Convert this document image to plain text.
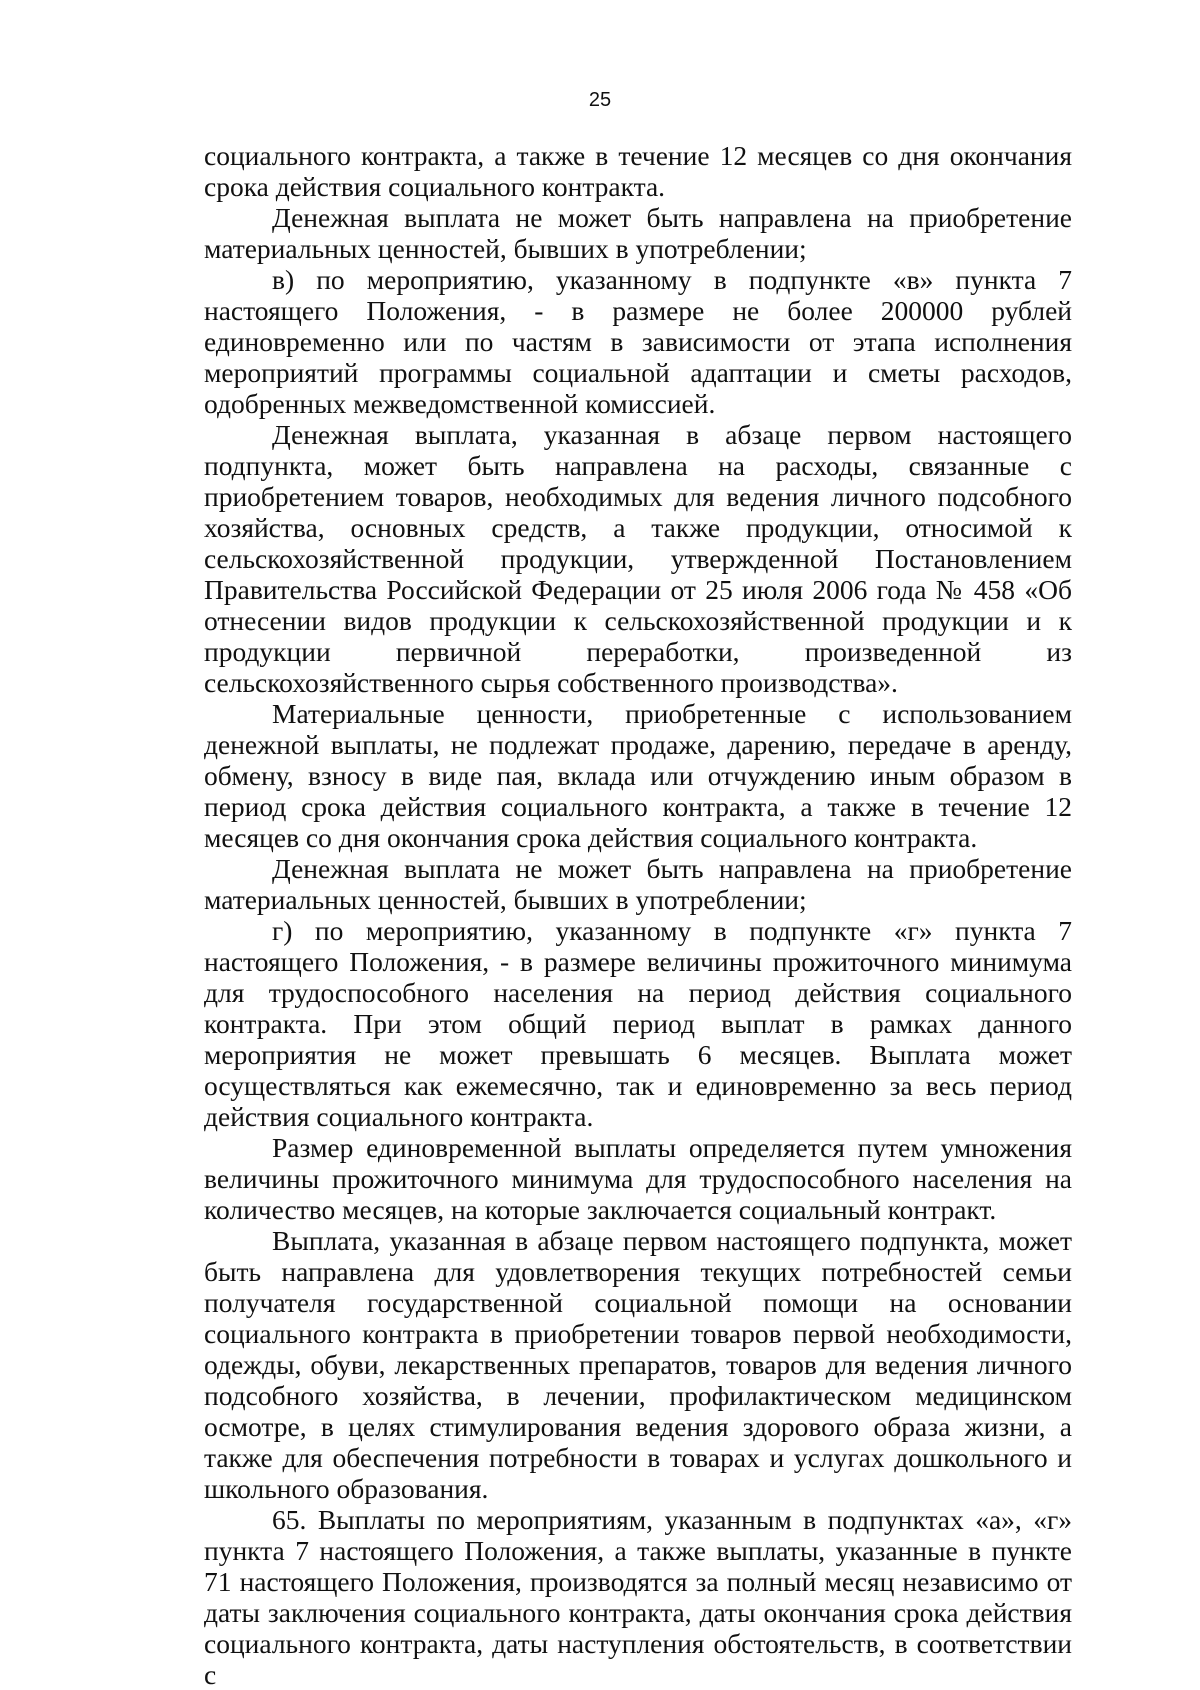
25

социального контракта, а также в течение 12 месяцев со дня окончания срока действия социального контракта.

Денежная выплата не может быть направлена на приобретение материальных ценностей, бывших в употреблении;

в) по мероприятию, указанному в подпункте «в» пункта 7 настоящего Положения, - в размере не более 200000 рублей единовременно или по частям в зависимости от этапа исполнения мероприятий программы социальной адаптации и сметы расходов, одобренных межведомственной комиссией.

Денежная выплата, указанная в абзаце первом настоящего подпункта, может быть направлена на расходы, связанные с приобретением товаров, необходимых для ведения личного подсобного хозяйства, основных средств, а также продукции, относимой к сельскохозяйственной продукции, утвержденной Постановлением Правительства Российской Федерации от 25 июля 2006 года № 458 «Об отнесении видов продукции к сельскохозяйственной продукции и к продукции первичной переработки, произведенной из сельскохозяйственного сырья собственного производства».

Материальные ценности, приобретенные с использованием денежной выплаты, не подлежат продаже, дарению, передаче в аренду, обмену, взносу в виде пая, вклада или отчуждению иным образом в период срока действия социального контракта, а также в течение 12 месяцев со дня окончания срока действия социального контракта.

Денежная выплата не может быть направлена на приобретение материальных ценностей, бывших в употреблении;

г) по мероприятию, указанному в подпункте «г» пункта 7 настоящего Положения, - в размере величины прожиточного минимума для трудоспособного населения на период действия социального контракта. При этом общий период выплат в рамках данного мероприятия не может превышать 6 месяцев. Выплата может осуществляться как ежемесячно, так и единовременно за весь период действия социального контракта.

Размер единовременной выплаты определяется путем умножения величины прожиточного минимума для трудоспособного населения на количество месяцев, на которые заключается социальный контракт.

Выплата, указанная в абзаце первом настоящего подпункта, может быть направлена для удовлетворения текущих потребностей семьи получателя государственной социальной помощи на основании социального контракта в приобретении товаров первой необходимости, одежды, обуви, лекарственных препаратов, товаров для ведения личного подсобного хозяйства, в лечении, профилактическом медицинском осмотре, в целях стимулирования ведения здорового образа жизни, а также для обеспечения потребности в товарах и услугах дошкольного и школьного образования.

65. Выплаты по мероприятиям, указанным в подпунктах «а», «г» пункта 7 настоящего Положения, а также выплаты, указанные в пункте 71 настоящего Положения, производятся за полный месяц независимо от даты заключения социального контракта, даты окончания срока действия социального контракта, даты наступления обстоятельств, в соответствии с
